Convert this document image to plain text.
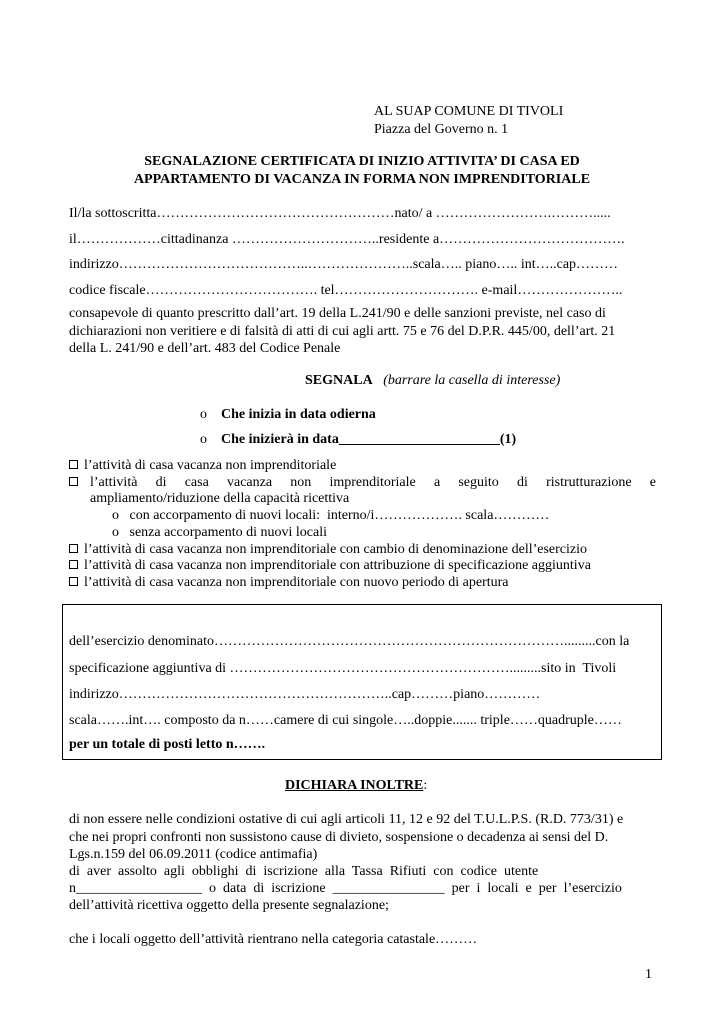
AL SUAP COMUNE DI TIVOLI
Piazza del Governo n. 1
SEGNALAZIONE CERTIFICATA DI INIZIO ATTIVITA’ DI CASA ED
APPARTAMENTO DI VACANZA IN FORMA NON IMPRENDITORIALE
Il/la sottoscritta……………………………………………nato/ a …………………….……….....
il………………cittadinanza …………………………..residente a………………………………….
indirizzo…………………………………..…………………..scala….. piano….. int…..cap………
codice fiscale………………………………. tel…………………………. e-mail…………………..
consapevole di quanto prescritto dall’art. 19 della L.241/90 e delle sanzioni previste, nel caso di
dichiarazioni non veritiere e di falsità di atti di cui agli artt. 75 e 76 del D.P.R. 445/00, dell’art. 21
della L. 241/90 e dell’art. 483 del Codice Penale
SEGNALA (barrare la casella di interesse)
o Che inizia in data odierna
o Che inizierà in data_______________________(1)
l’attività di casa vacanza non imprenditoriale
l’attività di casa vacanza non imprenditoriale a seguito di ristrutturazione e
ampliamento/riduzione della capacità ricettiva
o con accorpamento di nuovi locali:  interno/i………………. scala…………
o senza accorpamento di nuovi locali
l’attività di casa vacanza non imprenditoriale con cambio di denominazione dell’esercizio
l’attività di casa vacanza non imprenditoriale con attribuzione di specificazione aggiuntiva
l’attività di casa vacanza non imprenditoriale con nuovo periodo di apertura
dell’esercizio denominato………………………………………………………………….........con la
specificazione aggiuntiva di …………………………………………………….........sito in  Tivoli
indirizzo…………………………………………………..cap………piano…………
scala…….int…. composto da n……camere di cui singole…..doppie....... triple……quadruple……
per un totale di posti letto n…….
DICHIARA INOLTRE:
di non essere nelle condizioni ostative di cui agli articoli 11, 12 e 92 del T.U.L.P.S. (R.D. 773/31) e
che nei propri confronti non sussistono cause di divieto, sospensione o decadenza ai sensi del D.
Lgs.n.159 del 06.09.2011 (codice antimafia)
di  aver  assolto  agli  obblighi  di  iscrizione  alla  Tassa  Rifiuti  con  codice  utente
n__________________  o  data  di  iscrizione  ________________  per  i  locali  e  per  l’esercizio
dell’attività ricettiva oggetto della presente segnalazione;
che i locali oggetto dell’attività rientrano nella categoria catastale………
1
